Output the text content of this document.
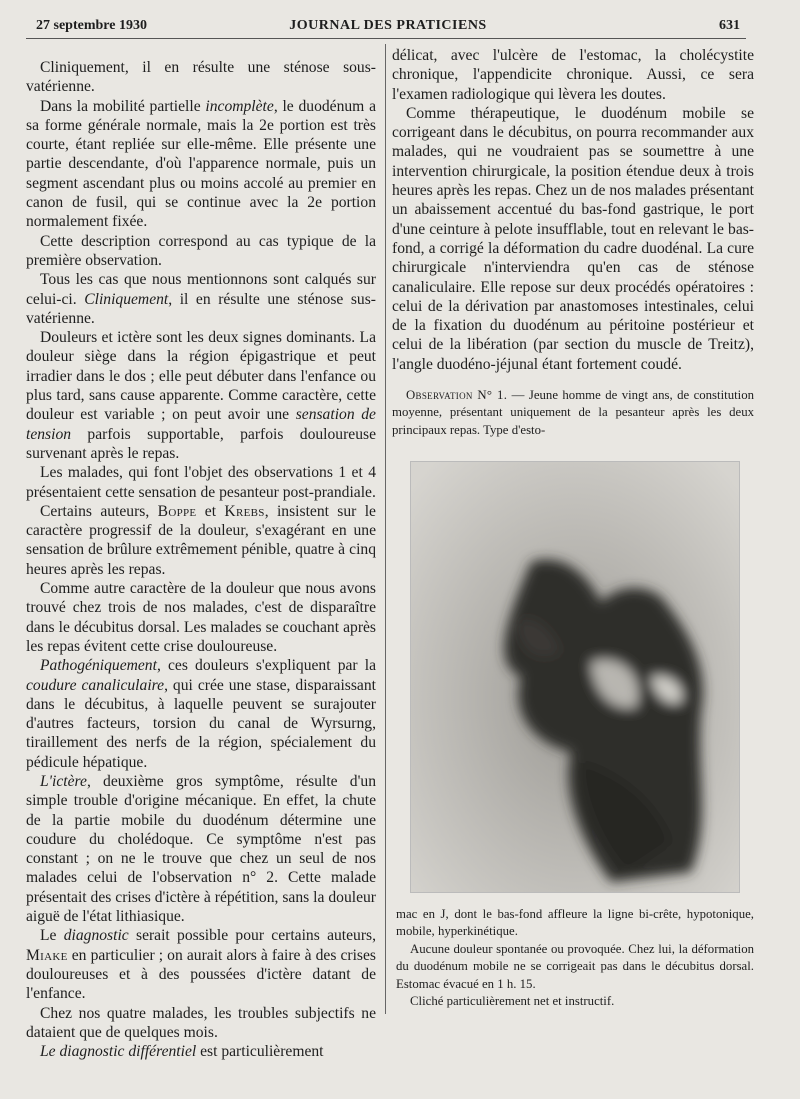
27 septembre 1930	JOURNAL DES PRATICIENS	631

Cliniquement, il en résulte une sténose sous-vatérienne.

Dans la mobilité partielle incomplète, le duodénum a sa forme générale normale, mais la 2e portion est très courte, étant repliée sur elle-même. Elle présente une partie descendante, d'où l'apparence normale, puis un segment ascendant plus ou moins accolé au premier en canon de fusil, qui se continue avec la 2e portion normalement fixée.

Cette description correspond au cas typique de la première observation.

Tous les cas que nous mentionnons sont calqués sur celui-ci. Cliniquement, il en résulte une sténose sus-vatérienne.

Douleurs et ictère sont les deux signes dominants. La douleur siège dans la région épigastrique et peut irradier dans le dos ; elle peut débuter dans l'enfance ou plus tard, sans cause apparente. Comme caractère, cette douleur est variable ; on peut avoir une sensation de tension parfois supportable, parfois douloureuse survenant après le repas.

Les malades, qui font l'objet des observations 1 et 4 présentaient cette sensation de pesanteur post-prandiale.

Certains auteurs, Boppe et Krebs, insistent sur le caractère progressif de la douleur, s'exagérant en une sensation de brûlure extrêmement pénible, quatre à cinq heures après les repas.

Comme autre caractère de la douleur que nous avons trouvé chez trois de nos malades, c'est de disparaître dans le décubitus dorsal. Les malades se couchant après les repas évitent cette crise douloureuse.

Pathogéniquement, ces douleurs s'expliquent par la coudure canaliculaire, qui crée une stase, disparaissant dans le décubitus, à laquelle peuvent se surajouter d'autres facteurs, torsion du canal de Wyrsurng, tiraillement des nerfs de la région, spécialement du pédicule hépatique.

L'ictère, deuxième gros symptôme, résulte d'un simple trouble d'origine mécanique. En effet, la chute de la partie mobile du duodénum détermine une coudure du cholédoque. Ce symptôme n'est pas constant ; on ne le trouve que chez un seul de nos malades celui de l'observation n° 2. Cette malade présentait des crises d'ictère à répétition, sans la douleur aiguë de l'état lithiasique.

Le diagnostic serait possible pour certains auteurs, Miake en particulier ; on aurait alors à faire à des crises douloureuses et à des poussées d'ictère datant de l'enfance.

Chez nos quatre malades, les troubles subjectifs ne dataient que de quelques mois.

Le diagnostic différentiel est particulièrement

délicat, avec l'ulcère de l'estomac, la cholécystite chronique, l'appendicite chronique. Aussi, ce sera l'examen radiologique qui lèvera les doutes.

Comme thérapeutique, le duodénum mobile se corrigeant dans le décubitus, on pourra recommander aux malades, qui ne voudraient pas se soumettre à une intervention chirurgicale, la position étendue deux à trois heures après les repas. Chez un de nos malades présentant un abaissement accentué du bas-fond gastrique, le port d'une ceinture à pelote insufflable, tout en relevant le bas-fond, a corrigé la déformation du cadre duodénal. La cure chirurgicale n'interviendra qu'en cas de sténose canaliculaire. Elle repose sur deux procédés opératoires : celui de la dérivation par anastomoses intestinales, celui de la fixation du duodénum au péritoine postérieur et celui de la libération (par section du muscle de Treitz), l'angle duodéno-jéjunal étant fortement coudé.

Observation N° 1. — Jeune homme de vingt ans, de constitution moyenne, présentant uniquement de la pesanteur après les deux principaux repas. Type d'esto-

mac en J, dont le bas-fond affleure la ligne bi-crête, hypotonique, mobile, hyperkinétique.

Aucune douleur spontanée ou provoquée. Chez lui, la déformation du duodénum mobile ne se corrigeait pas dans le décubitus dorsal. Estomac évacué en 1 h. 15.

Cliché particulièrement net et instructif.
